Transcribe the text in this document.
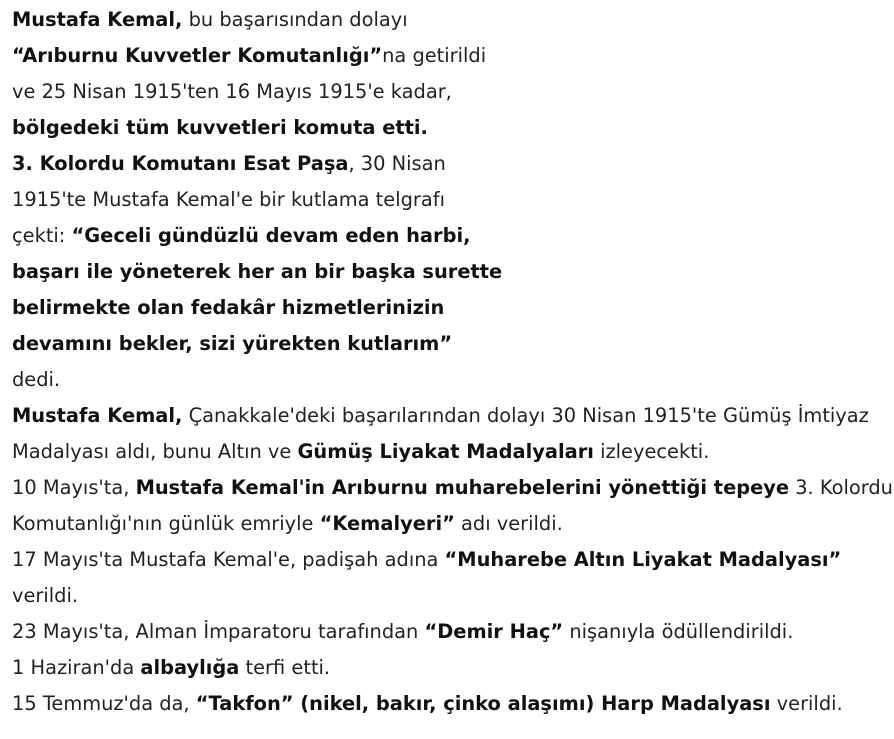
Mustafa Kemal, bu başarısından dolayı
“Arıburnu Kuvvetler Komutanlığı”na getirildi
ve 25 Nisan 1915'ten 16 Mayıs 1915'e kadar,
bölgedeki tüm kuvvetleri komuta etti.
3. Kolordu Komutanı Esat Paşa, 30 Nisan
1915'te Mustafa Kemal'e bir kutlama telgrafı
çekti: “Geceli gündüzlü devam eden harbi,
başarı ile yöneterek her an bir başka surette
belirmekte olan fedakâr hizmetlerinizin
devamını bekler, sizi yürekten kutlarım”
dedi.
Mustafa Kemal, Çanakkale'deki başarılarından dolayı 30 Nisan 1915'te Gümüş İmtiyaz
Madalyası aldı, bunu Altın ve Gümüş Liyakat Madalyaları izleyecekti.
10 Mayıs'ta, Mustafa Kemal'in Arıburnu muharebelerini yönettiği tepeye 3. Kolordu
Komutanlığı'nın günlük emriyle “Kemalyeri” adı verildi.
17 Mayıs'ta Mustafa Kemal'e, padişah adına “Muharebe Altın Liyakat Madalyası”
verildi.
23 Mayıs'ta, Alman İmparatoru tarafından “Demir Haç” nişanıyla ödüllendirildi.
1 Haziran'da albaylığa terfi etti.
15 Temmuz'da da, “Takfon” (nikel, bakır, çinko alaşımı) Harp Madalyası verildi.
